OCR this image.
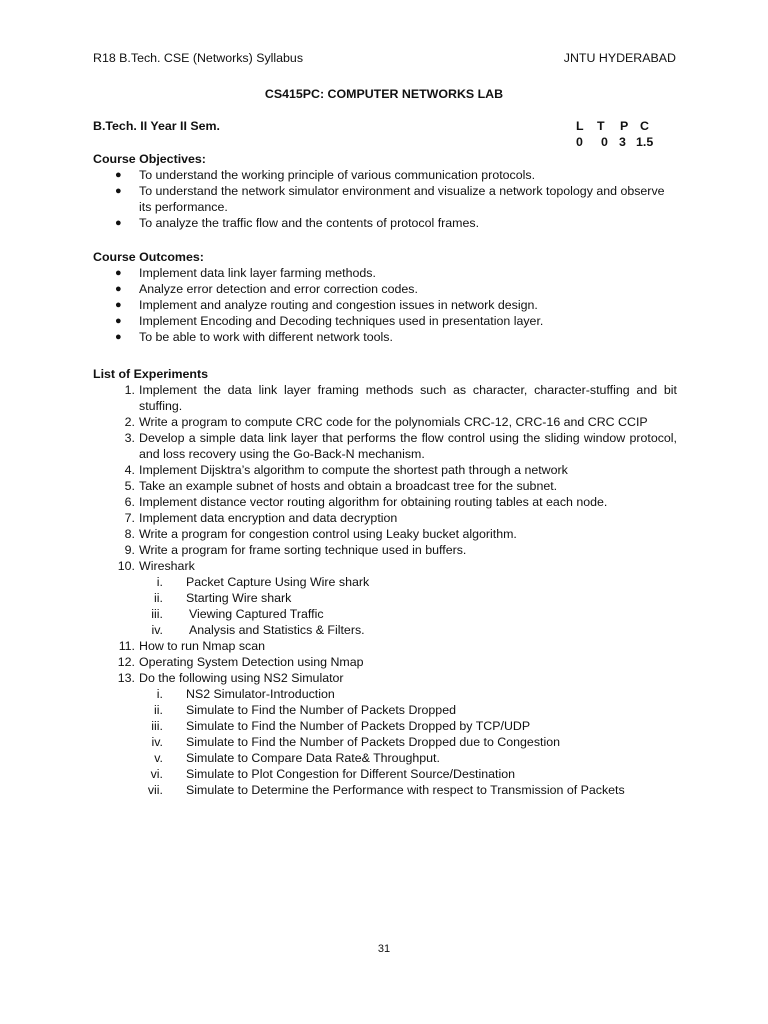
R18 B.Tech. CSE (Networks) Syllabus	JNTU HYDERABAD
CS415PC: COMPUTER NETWORKS LAB
B.Tech. II Year II Sem.	L T P C
0 0 3 1.5
Course Objectives:
● To understand the working principle of various communication protocols.
● To understand the network simulator environment and visualize a network topology and observe its performance.
● To analyze the traffic flow and the contents of protocol frames.
Course Outcomes:
● Implement data link layer farming methods.
● Analyze error detection and error correction codes.
● Implement and analyze routing and congestion issues in network design.
● Implement Encoding and Decoding techniques used in presentation layer.
● To be able to work with different network tools.
List of Experiments
1. Implement the data link layer framing methods such as character, character-stuffing and bit stuffing.
2. Write a program to compute CRC code for the polynomials CRC-12, CRC-16 and CRC CCIP
3. Develop a simple data link layer that performs the flow control using the sliding window protocol, and loss recovery using the Go-Back-N mechanism.
4. Implement Dijsktra’s algorithm to compute the shortest path through a network
5. Take an example subnet of hosts and obtain a broadcast tree for the subnet.
6. Implement distance vector routing algorithm for obtaining routing tables at each node.
7. Implement data encryption and data decryption
8. Write a program for congestion control using Leaky bucket algorithm.
9. Write a program for frame sorting technique used in buffers.
10. Wireshark
i. Packet Capture Using Wire shark
ii. Starting Wire shark
iii. Viewing Captured Traffic
iv. Analysis and Statistics & Filters.
11. How to run Nmap scan
12. Operating System Detection using Nmap
13. Do the following using NS2 Simulator
i. NS2 Simulator-Introduction
ii. Simulate to Find the Number of Packets Dropped
iii. Simulate to Find the Number of Packets Dropped by TCP/UDP
iv. Simulate to Find the Number of Packets Dropped due to Congestion
v. Simulate to Compare Data Rate& Throughput.
vi. Simulate to Plot Congestion for Different Source/Destination
vii. Simulate to Determine the Performance with respect to Transmission of Packets
31
